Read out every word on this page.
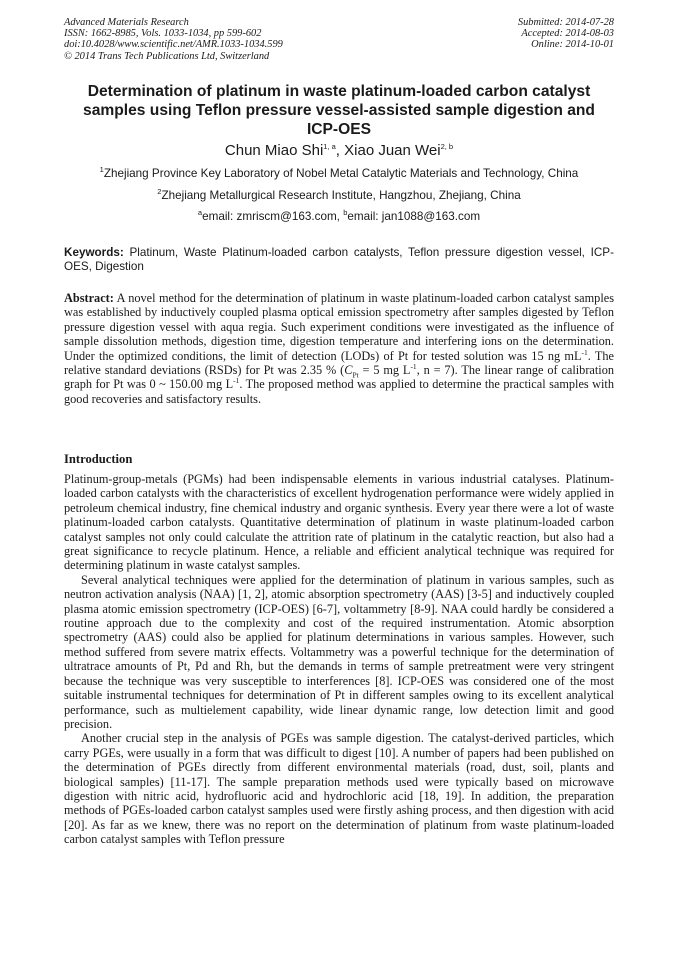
Advanced Materials Research
ISSN: 1662-8985, Vols. 1033-1034, pp 599-602
doi:10.4028/www.scientific.net/AMR.1033-1034.599
© 2014 Trans Tech Publications Ltd, Switzerland
Submitted: 2014-07-28
Accepted: 2014-08-03
Online: 2014-10-01
Determination of platinum in waste platinum-loaded carbon catalyst samples using Teflon pressure vessel-assisted sample digestion and ICP-OES
Chun Miao Shi$^{1, a}$, Xiao Juan Wei$^{2, b}$
$^1$Zhejiang Province Key Laboratory of Nobel Metal Catalytic Materials and Technology, China
$^2$Zhejiang Metallurgical Research Institute, Hangzhou, Zhejiang, China
$^a$email: zmriscm@163.com, $^b$email: jan1088@163.com
Keywords: Platinum, Waste Platinum-loaded carbon catalysts, Teflon pressure digestion vessel, ICP-OES, Digestion
Abstract: A novel method for the determination of platinum in waste platinum-loaded carbon catalyst samples was established by inductively coupled plasma optical emission spectrometry after samples digested by Teflon pressure digestion vessel with aqua regia. Such experiment conditions were investigated as the influence of sample dissolution methods, digestion time, digestion temperature and interfering ions on the determination. Under the optimized conditions, the limit of detection (LODs) of Pt for tested solution was 15 ng $mL^{-1}$. The relative standard deviations (RSDs) for Pt was 2.35 % ($C_{Pt} = 5$ mg $L^{-1}$, n = 7). The linear range of calibration graph for Pt was 0 ~ 150.00 mg $L^{-1}$. The proposed method was applied to determine the practical samples with good recoveries and satisfactory results.
Introduction

Platinum-group-metals (PGMs) had been indispensable elements in various industrial catalyses. Platinum-loaded carbon catalysts with the characteristics of excellent hydrogenation performance were widely applied in petroleum chemical industry, fine chemical industry and organic synthesis. Every year there were a lot of waste platinum-loaded carbon catalysts. Quantitative determination of platinum in waste platinum-loaded carbon catalyst samples not only could calculate the attrition rate of platinum in the catalytic reaction, but also had a great significance to recycle platinum. Hence, a reliable and efficient analytical technique was required for determining platinum in waste catalyst samples.

Several analytical techniques were applied for the determination of platinum in various samples, such as neutron activation analysis (NAA) [1, 2], atomic absorption spectrometry (AAS) [3-5] and inductively coupled plasma atomic emission spectrometry (ICP-OES) [6-7], voltammetry [8-9]. NAA could hardly be considered a routine approach due to the complexity and cost of the required instrumentation. Atomic absorption spectrometry (AAS) could also be applied for platinum determinations in various samples. However, such method suffered from severe matrix effects. Voltammetry was a powerful technique for the determination of ultratrace amounts of Pt, Pd and Rh, but the demands in terms of sample pretreatment were very stringent because the technique was very susceptible to interferences [8]. ICP-OES was considered one of the most suitable instrumental techniques for determination of Pt in different samples owing to its excellent analytical performance, such as multielement capability, wide linear dynamic range, low detection limit and good precision.

Another crucial step in the analysis of PGEs was sample digestion. The catalyst-derived particles, which carry PGEs, were usually in a form that was difficult to digest [10]. A number of papers had been published on the determination of PGEs directly from different environmental materials (road, dust, soil, plants and biological samples) [11-17]. The sample preparation methods used were typically based on microwave digestion with nitric acid, hydrofluoric acid and hydrochloric acid [18, 19]. In addition, the preparation methods of PGEs-loaded carbon catalyst samples used were firstly ashing process, and then digestion with acid [20]. As far as we knew, there was no report on the determination of platinum from waste platinum-loaded carbon catalyst samples with Teflon pressure
